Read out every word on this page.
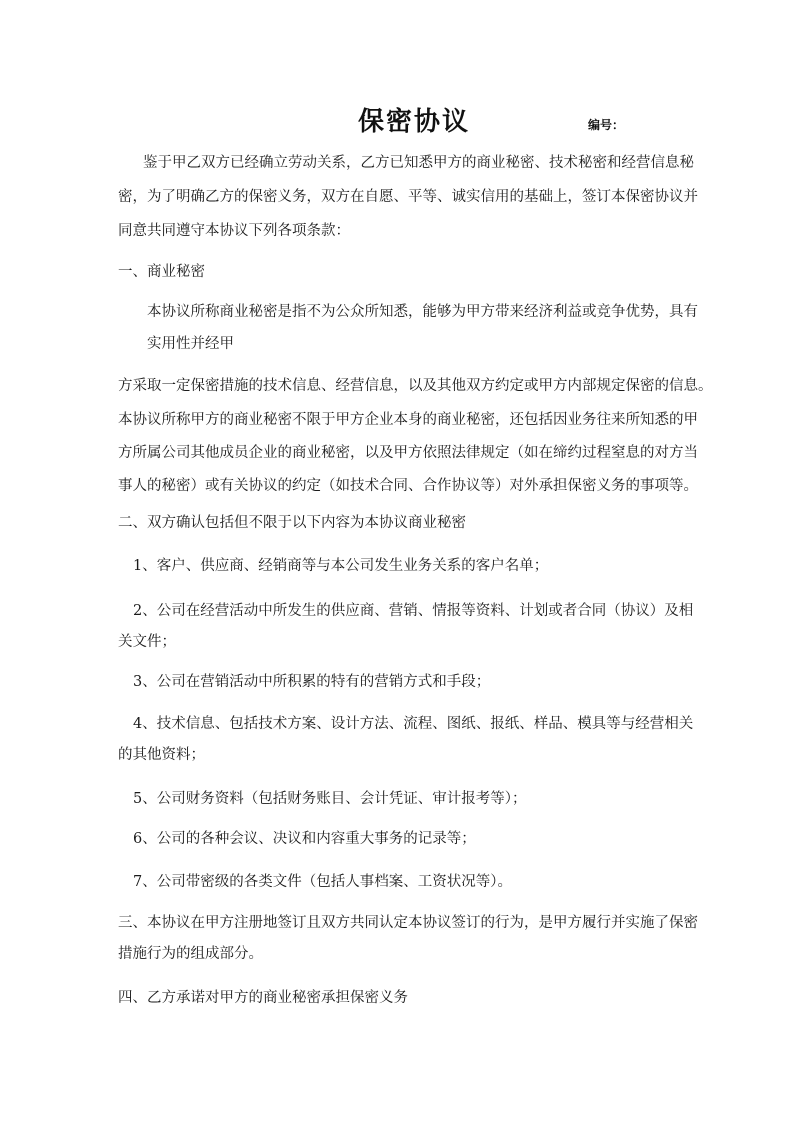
保密协议	编号：
鉴于甲乙双方已经确立劳动关系，乙方已知悉甲方的商业秘密、技术秘密和经营信息秘
密，为了明确乙方的保密义务，双方在自愿、平等、诚实信用的基础上，签订本保密协议并
同意共同遵守本协议下列各项条款：
一、商业秘密
本协议所称商业秘密是指不为公众所知悉，能够为甲方带来经济利益或竞争优势，具有
实用性并经甲
方采取一定保密措施的技术信息、经营信息，以及其他双方约定或甲方内部规定保密的信息。
本协议所称甲方的商业秘密不限于甲方企业本身的商业秘密，还包括因业务往来所知悉的甲
方所属公司其他成员企业的商业秘密，以及甲方依照法律规定（如在缔约过程窒息的对方当
事人的秘密）或有关协议的约定（如技术合同、合作协议等）对外承担保密义务的事项等。
二、双方确认包括但不限于以下内容为本协议商业秘密
1、客户、供应商、经销商等与本公司发生业务关系的客户名单；
2、公司在经营活动中所发生的供应商、营销、情报等资料、计划或者合同（协议）及相
关文件；
3、公司在营销活动中所积累的特有的营销方式和手段；
4、技术信息、包括技术方案、设计方法、流程、图纸、报纸、样品、模具等与经营相关
的其他资料；
5、公司财务资料（包括财务账目、会计凭证、审计报考等）；
6、公司的各种会议、决议和内容重大事务的记录等；
7、公司带密级的各类文件（包括人事档案、工资状况等）。
三、本协议在甲方注册地签订且双方共同认定本协议签订的行为，是甲方履行并实施了保密
措施行为的组成部分。
四、乙方承诺对甲方的商业秘密承担保密义务
